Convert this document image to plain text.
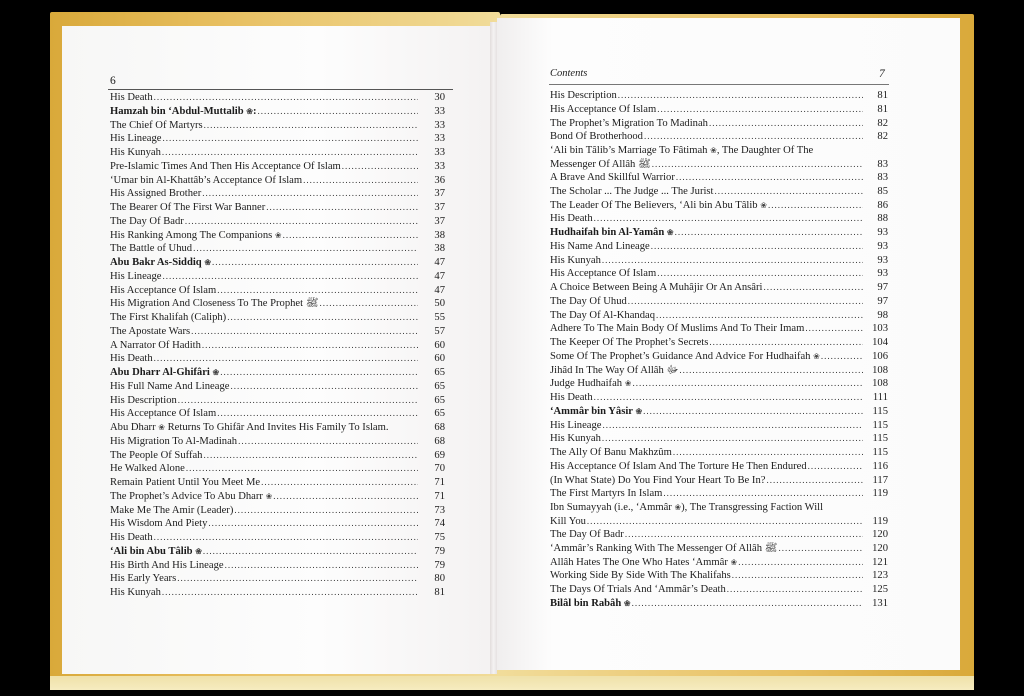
6
Contents	7
His Death .....	30
Hamzah bin ‘Abdul-Muttalib ❀: .....	33
The Chief Of Martyrs .....	33
His Lineage .....	33
His Kunyah .....	33
Pre-Islamic Times And Then His Acceptance Of Islam .....	33
‘Umar bin Al-Khattâb’s Acceptance Of Islam .....	36
His Assigned Brother .....	37
The Bearer Of The First War Banner .....	37
The Day Of Badr .....	37
His Ranking Among The Companions ❀ .....	38
The Battle of Uhud .....	38
Abu Bakr As-Siddiq ❀ .....	47
His Lineage .....	47
His Acceptance Of Islam .....	47
His Migration And Closeness To The Prophet ﷺ .....	50
The First Khalifah (Caliph) .....	55
The Apostate Wars .....	57
A Narrator Of Hadith .....	60
His Death .....	60
Abu Dharr Al-Ghifâri ❀ .....	65
His Full Name And Lineage .....	65
His Description .....	65
His Acceptance Of Islam .....	65
Abu Dharr ❀ Returns To Ghifâr And Invites His Family To Islam.	68
His Migration To Al-Madinah .....	68
The People Of Suffah .....	69
He Walked Alone .....	70
Remain Patient Until You Meet Me .....	71
The Prophet’s Advice To Abu Dharr ❀ .....	71
Make Me The Amir (Leader) .....	73
His Wisdom And Piety .....	74
His Death .....	75
‘Ali bin Abu Tâlib ❀ .....	79
His Birth And His Lineage .....	79
His Early Years .....	80
His Kunyah .....	81
His Description .....	81
His Acceptance Of Islam .....	81
The Prophet’s Migration To Madinah .....	82
Bond Of Brotherhood .....	82
‘Ali bin Tâlib’s Marriage To Fâtimah ❀, The Daughter Of The
Messenger Of Allâh ﷺ .....	83
A Brave And Skillful Warrior .....	83
The Scholar ... The Judge ... The Jurist .....	85
The Leader Of The Believers, ‘Ali bin Abu Tâlib ❀ .....	86
His Death .....	88
Hudhaifah bin Al-Yamân ❀ .....	93
His Name And Lineage .....	93
His Kunyah .....	93
His Acceptance Of Islam .....	93
A Choice Between Being A Muhâjir Or An Ansâri .....	97
The Day Of Uhud .....	97
The Day Of Al-Khandaq .....	98
Adhere To The Main Body Of Muslims And To Their Imam .....	103
The Keeper Of The Prophet’s Secrets .....	104
Some Of The Prophet’s Guidance And Advice For Hudhaifah ❀ .....	106
Jihâd In The Way Of Allâh ﷻ .....	108
Judge Hudhaifah ❀ .....	108
His Death .....	111
‘Ammâr bin Yâsir ❀ .....	115
His Lineage .....	115
His Kunyah .....	115
The Ally Of Banu Makhzûm .....	115
His Acceptance Of Islam And The Torture He Then Endured .....	116
(In What State) Do You Find Your Heart To Be In? .....	117
The First Martyrs In Islam .....	119
Ibn Sumayyah (i.e., ‘Ammâr ❀), The Transgressing Faction Will
Kill You .....	119
The Day Of Badr .....	120
‘Ammâr’s Ranking With The Messenger Of Allâh ﷺ .....	120
Allâh Hates The One Who Hates ‘Ammâr ❀ .....	121
Working Side By Side With The Khalifahs .....	123
The Days Of Trials And ‘Ammâr’s Death .....	125
Bilâl bin Rabâh ❀ .....	131
